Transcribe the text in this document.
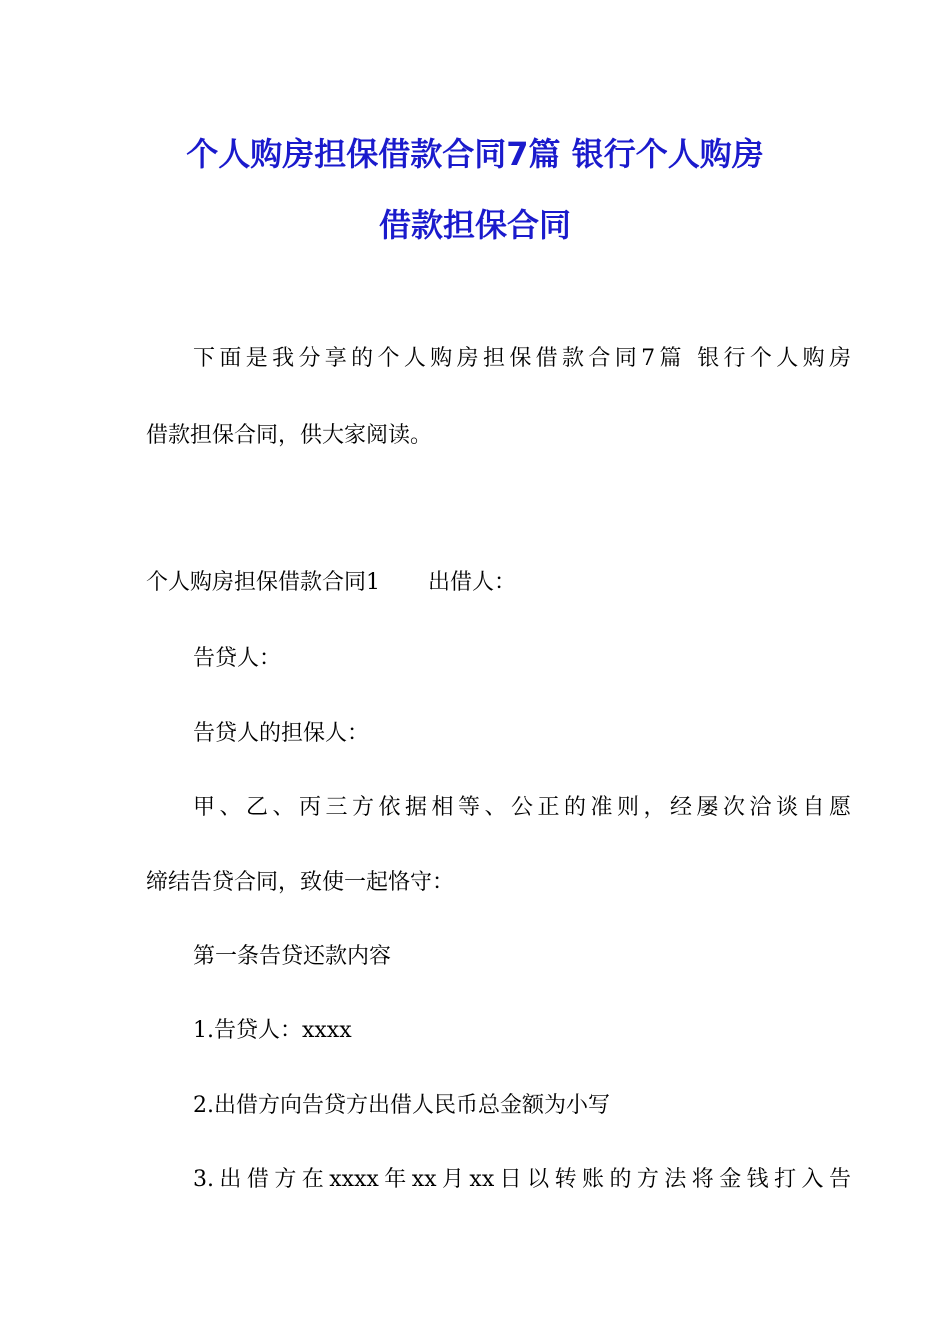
个人购房担保借款合同7篇 银行个人购房
借款担保合同
下面是我分享的个人购房担保借款合同7篇 银行个人购房
借款担保合同，供大家阅读。
个人购房担保借款合同1 出借人：
告贷人：
告贷人的担保人：
甲、乙、丙三方依据相等、公正的准则，经屡次洽谈自愿
缔结告贷合同，致使一起恪守：
第一条告贷还款内容
1.告贷人：xxxx
2.出借方向告贷方出借人民币总金额为小写
3.出借方在xxxx年xx月xx日以转账的方法将金钱打入告
